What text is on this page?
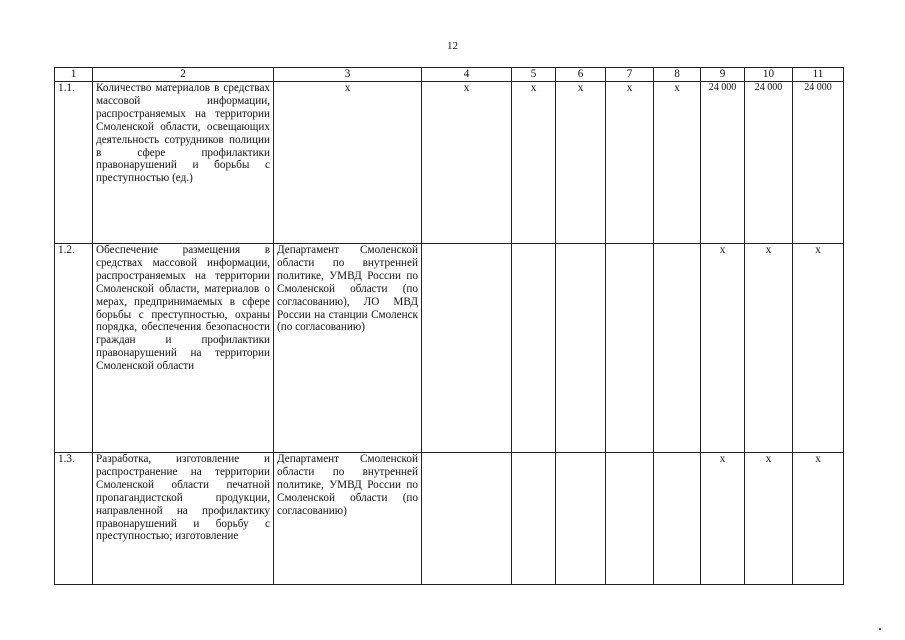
12
1	2	3	4	5	6	7	8	9	10	11
1.1.	Количество материалов в средствах массовой информации, распространяемых на территории Смоленской области, освещающих деятельность сотрудников полиции в сфере профилактики правонарушений и борьбы с преступностью (ед.)	х	х	х	х	х	х	24 000	24 000	24 000
1.2.	Обеспечение размещения в средствах массовой информации, распространяемых на территории Смоленской области, материалов о мерах, предпринимаемых в сфере борьбы с преступностью, охраны порядка, обеспечения безопасности граждан и профилактики правонарушений на территории Смоленской области	Департамент Смоленской области по внутренней политике, УМВД России по Смоленской области (по согласованию), ЛО МВД России на станции Смоленск (по согласованию)						х	х	х
1.3.	Разработка, изготовление и распространение на территории Смоленской области печатной пропагандистской продукции, направленной на профилактику правонарушений и борьбу с преступностью; изготовление	Департамент Смоленской области по внутренней политике, УМВД России по Смоленской области (по согласованию)						х	х	х
